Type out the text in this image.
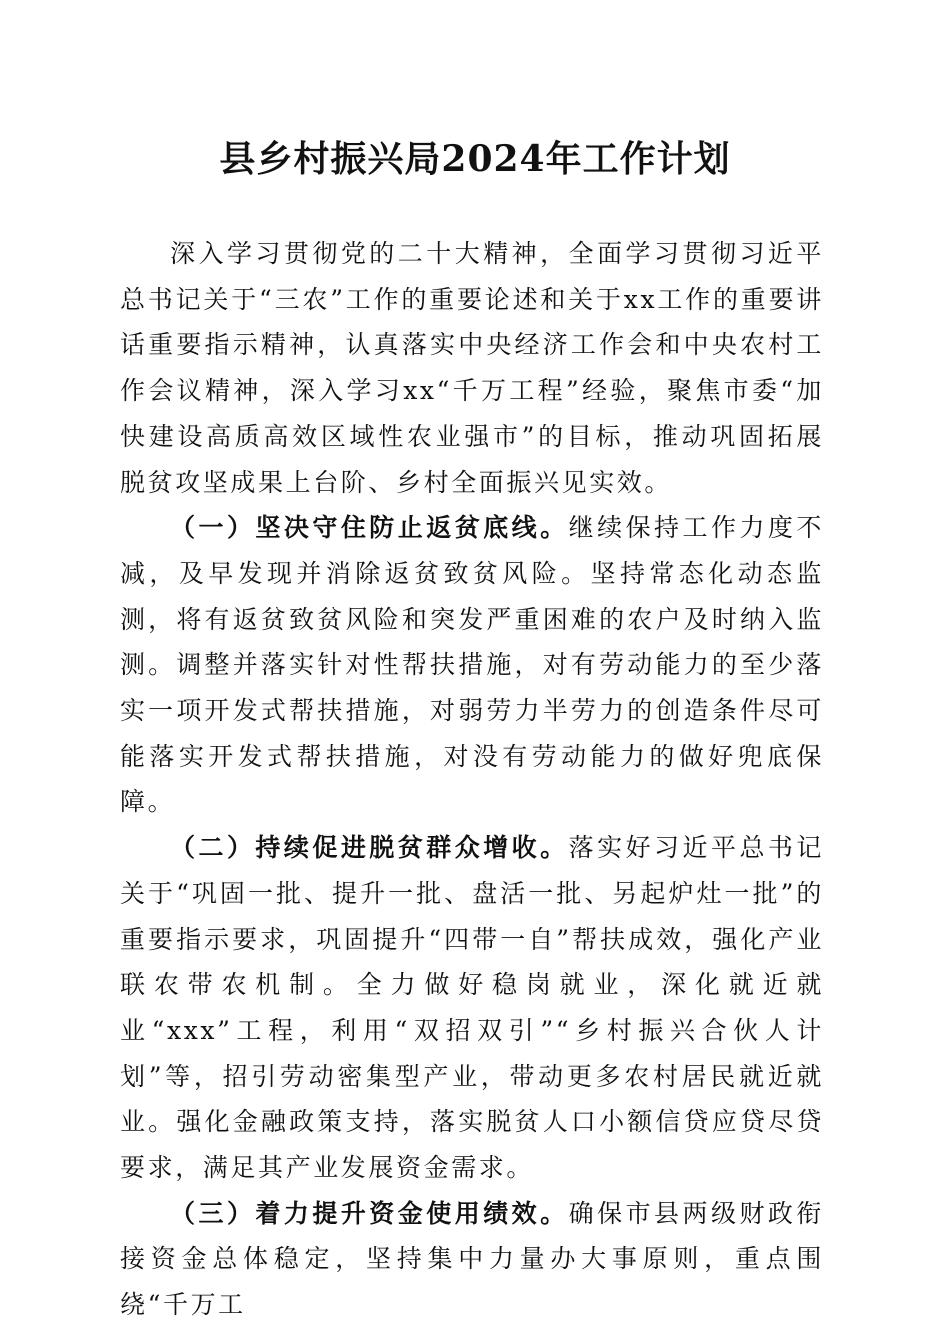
县乡村振兴局2024年工作计划

深入学习贯彻党的二十大精神，全面学习贯彻习近平总书记关于“三农”工作的重要论述和关于xx工作的重要讲话重要指示精神，认真落实中央经济工作会和中央农村工作会议精神，深入学习xx“千万工程”经验，聚焦市委“加快建设高质高效区域性农业强市”的目标，推动巩固拓展脱贫攻坚成果上台阶、乡村全面振兴见实效。

（一）坚决守住防止返贫底线。继续保持工作力度不减，及早发现并消除返贫致贫风险。坚持常态化动态监测，将有返贫致贫风险和突发严重困难的农户及时纳入监测。调整并落实针对性帮扶措施，对有劳动能力的至少落实一项开发式帮扶措施，对弱劳力半劳力的创造条件尽可能落实开发式帮扶措施，对没有劳动能力的做好兜底保障。

（二）持续促进脱贫群众增收。落实好习近平总书记关于“巩固一批、提升一批、盘活一批、另起炉灶一批”的重要指示要求，巩固提升“四带一自”帮扶成效，强化产业联农带农机制。全力做好稳岗就业，深化就近就业“xxx”工程，利用“双招双引”“乡村振兴合伙人计划”等，招引劳动密集型产业，带动更多农村居民就近就业。强化金融政策支持，落实脱贫人口小额信贷应贷尽贷要求，满足其产业发展资金需求。

（三）着力提升资金使用绩效。确保市县两级财政衔接资金总体稳定，坚持集中力量办大事原则，重点围绕“千万工
